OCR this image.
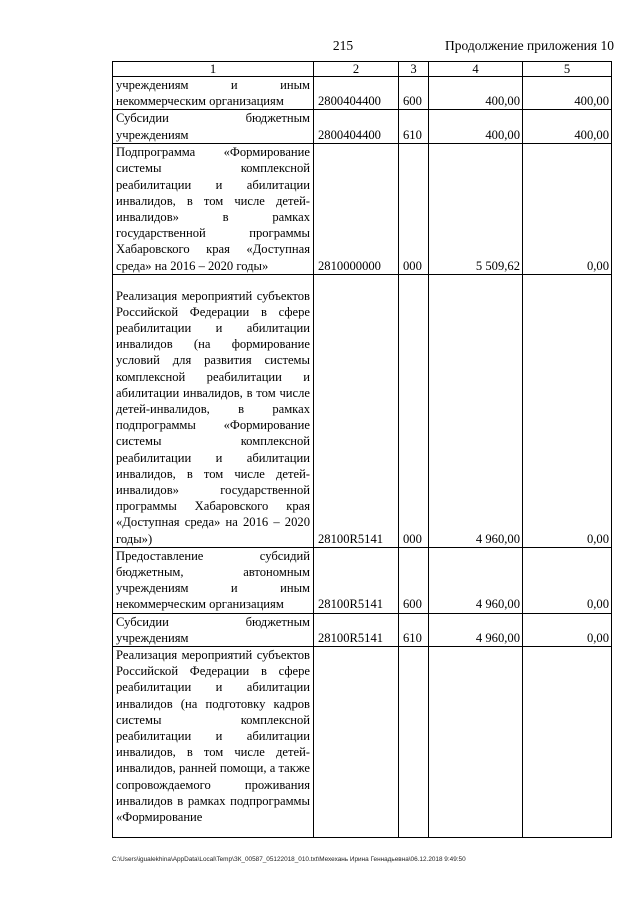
215	Продолжение приложения 10
1	2	3	4	5
учреждениям и иным некоммерческим организациям	2800404400	600	400,00	400,00
Субсидии бюджетным учреждениям	2800404400	610	400,00	400,00
Подпрограмма «Формирование системы комплексной реабилитации и абилитации инвалидов, в том числе детей-инвалидов» в рамках государственной программы Хабаровского края «Доступная среда» на 2016 – 2020 годы»	2810000000	000	5 509,62	0,00
Реализация мероприятий субъектов Российской Федерации в сфере реабилитации и абилитации инвалидов (на формирование условий для развития системы комплексной реабилитации и абилитации инвалидов, в том числе детей-инвалидов, в рамках подпрограммы «Формирование системы комплексной реабилитации и абилитации инвалидов, в том числе детей-инвалидов» государственной программы Хабаровского края «Доступная среда» на 2016 – 2020 годы»)	28100R5141	000	4 960,00	0,00
Предоставление субсидий бюджетным, автономным учреждениям и иным некоммерческим организациям	28100R5141	600	4 960,00	0,00
Субсидии бюджетным учреждениям	28100R5141	610	4 960,00	0,00
Реализация мероприятий субъектов Российской Федерации в сфере реабилитации и абилитации инвалидов (на подготовку кадров системы комплексной реабилитации и абилитации инвалидов, в том числе детей-инвалидов, ранней помощи, а также сопровождаемого проживания инвалидов в рамках подпрограммы «Формирование				
C:\Users\igualekhina\AppData\Local\Temp\ЗК_00587_05122018_010.txt\Мехехань Ирина Геннадьевна\06.12.2018 9:49:50
